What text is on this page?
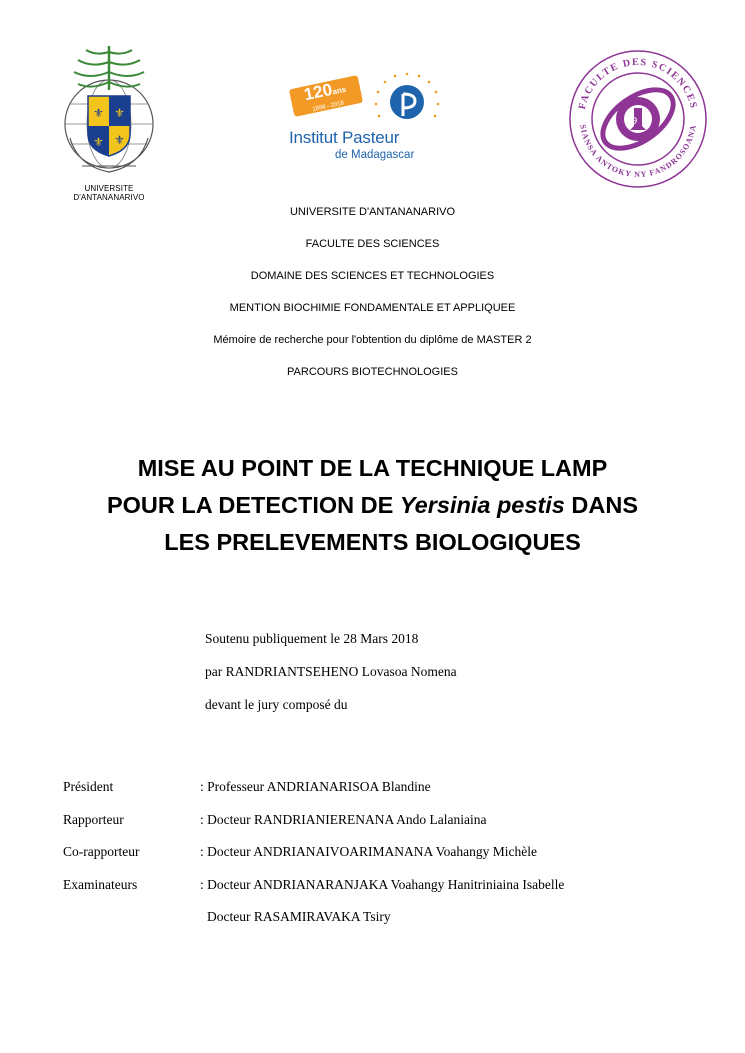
⚜ ⚜
⚜ ⚜
UNIVERSITE D'ANTANANARIVO
120ans
1898 - 2018
Institut Pasteur
de Madagascar
FACULTE DES SCIENCES
SIANSA ANTOKY NY FANDROSOANA
∂
UNIVERSITE D'ANTANANARIVO
FACULTE DES SCIENCES
DOMAINE DES SCIENCES ET TECHNOLOGIES
MENTION BIOCHIMIE FONDAMENTALE ET APPLIQUEE
Mémoire de recherche pour l'obtention du diplôme de MASTER 2
PARCOURS BIOTECHNOLOGIES
MISE AU POINT DE LA TECHNIQUE LAMP
POUR LA DETECTION DE Yersinia pestis DANS
LES PRELEVEMENTS BIOLOGIQUES
Soutenu publiquement le 28 Mars 2018
par RANDRIANTSEHENO Lovasoa Nomena
devant le jury composé du
Président	: Professeur ANDRIANARISOA Blandine
Rapporteur	: Docteur RANDRIANIERENANA Ando Lalaniaina
Co-rapporteur	: Docteur ANDRIANAIVOARIMANANA Voahangy Michèle
Examinateurs	: Docteur ANDRIANARANJAKA Voahangy Hanitriniaina Isabelle
Docteur RASAMIRAVAKA Tsiry
